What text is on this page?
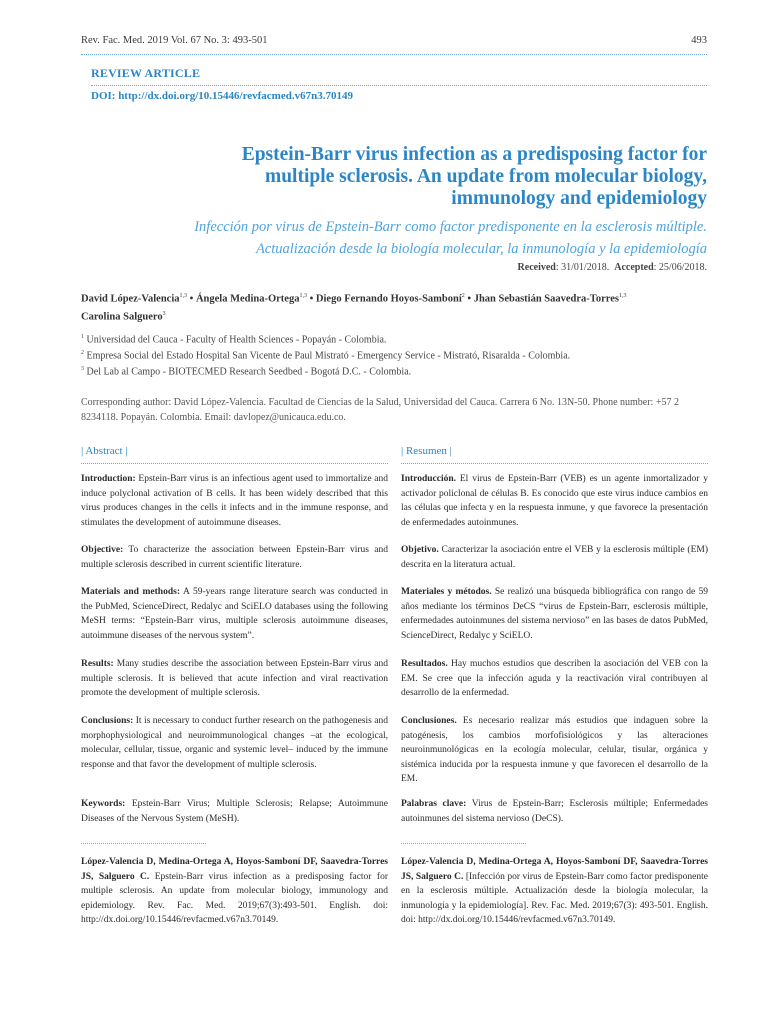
Rev. Fac. Med. 2019 Vol. 67 No. 3: 493-501	493
REVIEW ARTICLE
DOI: http://dx.doi.org/10.15446/revfacmed.v67n3.70149
Epstein-Barr virus infection as a predisposing factor for
multiple sclerosis. An update from molecular biology,
immunology and epidemiology
Infección por virus de Epstein-Barr como factor predisponente en la esclerosis múltiple.
Actualización desde la biología molecular, la inmunología y la epidemiología
Received: 31/01/2018. Accepted: 25/06/2018.
David López-Valencia$^{1,3}$ • Ángela Medina-Ortega$^{1,3}$ • Diego Fernando Hoyos-Samboní$^2$ • Jhan Sebastián Saavedra-Torres$^{1,3}$
Carolina Salguero$^3$
$^1$ Universidad del Cauca - Faculty of Health Sciences - Popayán - Colombia.
$^2$ Empresa Social del Estado Hospital San Vicente de Paul Mistrató - Emergency Service - Mistrató, Risaralda - Colombia.
$^3$ Del Lab al Campo - BIOTECMED Research Seedbed - Bogotá D.C. - Colombia.
Corresponding author: David López-Valencia. Facultad de Ciencias de la Salud, Universidad del Cauca. Carrera 6 No. 13N-50. Phone number: +57 2 8234118. Popayán. Colombia. Email: davlopez@unicauca.edu.co.
| Abstract |	| Resumen |
Introduction: Epstein-Barr virus is an infectious agent used to immortalize and induce polyclonal activation of B cells. It has been widely described that this virus produces changes in the cells it infects and in the immune response, and stimulates the development of autoimmune diseases.
Objective: To characterize the association between Epstein-Barr virus and multiple sclerosis described in current scientific literature.
Materials and methods: A 59-years range literature search was conducted in the PubMed, ScienceDirect, Redalyc and SciELO databases using the following MeSH terms: “Epstein-Barr virus, multiple sclerosis autoimmune diseases, autoimmune diseases of the nervous system”.
Results: Many studies describe the association between Epstein-Barr virus and multiple sclerosis. It is believed that acute infection and viral reactivation promote the development of multiple sclerosis.
Conclusions: It is necessary to conduct further research on the pathogenesis and morphophysiological and neuroimmunological changes –at the ecological, molecular, cellular, tissue, organic and systemic level– induced by the immune response and that favor the development of multiple sclerosis.
Keywords: Epstein-Barr Virus; Multiple Sclerosis; Relapse; Autoimmune Diseases of the Nervous System (MeSH).
López-Valencia D, Medina-Ortega A, Hoyos-Samboní DF, Saavedra-Torres JS, Salguero C. Epstein-Barr virus infection as a predisposing factor for multiple sclerosis. An update from molecular biology, immunology and epidemiology. Rev. Fac. Med. 2019;67(3):493-501. English. doi: http://dx.doi.org/10.15446/revfacmed.v67n3.70149.
Introducción. El virus de Epstein-Barr (VEB) es un agente inmortalizador y activador policlonal de células B. Es conocido que este virus induce cambios en las células que infecta y en la respuesta inmune, y que favorece la presentación de enfermedades autoinmunes.
Objetivo. Caracterizar la asociación entre el VEB y la esclerosis múltiple (EM) descrita en la literatura actual.
Materiales y métodos. Se realizó una búsqueda bibliográfica con rango de 59 años mediante los términos DeCS “virus de Epstein-Barr, esclerosis múltiple, enfermedades autoinmunes del sistema nervioso” en las bases de datos PubMed, ScienceDirect, Redalyc y SciELO.
Resultados. Hay muchos estudios que describen la asociación del VEB con la EM. Se cree que la infección aguda y la reactivación viral contribuyen al desarrollo de la enfermedad.
Conclusiones. Es necesario realizar más estudios que indaguen sobre la patogénesis, los cambios morfofisiológicos y las alteraciones neuroinmunológicas en la ecología molecular, celular, tisular, orgánica y sistémica inducida por la respuesta inmune y que favorecen el desarrollo de la EM.
Palabras clave: Virus de Epstein-Barr; Esclerosis múltiple; Enfermedades autoinmunes del sistema nervioso (DeCS).
López-Valencia D, Medina-Ortega A, Hoyos-Samboní DF, Saavedra-Torres JS, Salguero C. [Infección por virus de Epstein-Barr como factor predisponente en la esclerosis múltiple. Actualización desde la biología molecular, la inmunología y la epidemiología]. Rev. Fac. Med. 2019;67(3): 493-501. English. doi: http://dx.doi.org/10.15446/revfacmed.v67n3.70149.
